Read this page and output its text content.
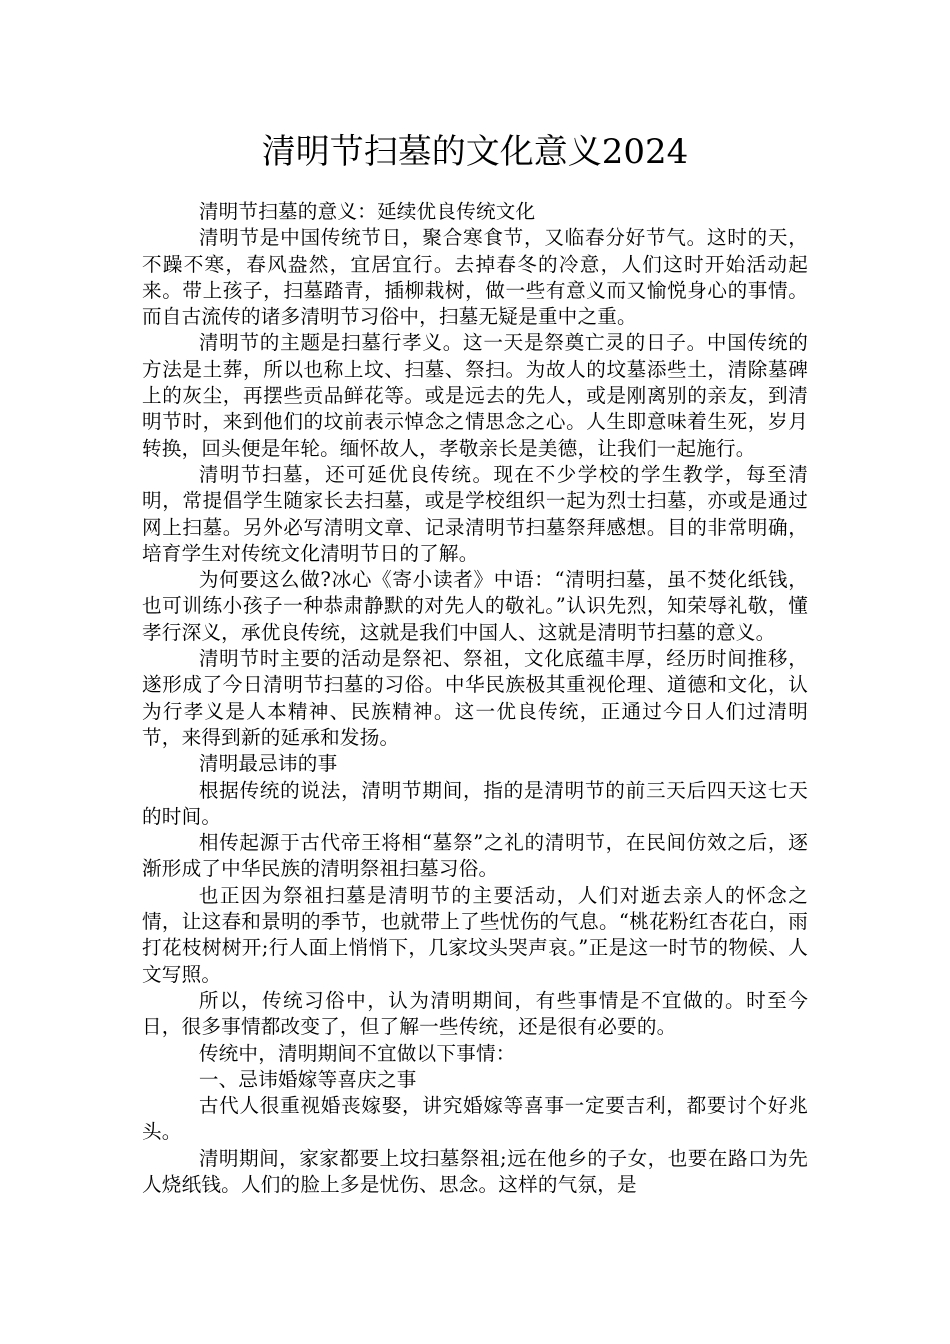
清明节扫墓的文化意义2024

清明节扫墓的意义：延续优良传统文化

清明节是中国传统节日，聚合寒食节，又临春分好节气。这时的天，不躁不寒，春风盎然，宜居宜行。去掉春冬的冷意，人们这时开始活动起来。带上孩子，扫墓踏青，插柳栽树，做一些有意义而又愉悦身心的事情。而自古流传的诸多清明节习俗中，扫墓无疑是重中之重。

清明节的主题是扫墓行孝义。这一天是祭奠亡灵的日子。中国传统的方法是土葬，所以也称上坟、扫墓、祭扫。为故人的坟墓添些土，清除墓碑上的灰尘，再摆些贡品鲜花等。或是远去的先人，或是刚离别的亲友，到清明节时，来到他们的坟前表示悼念之情思念之心。人生即意味着生死，岁月转换，回头便是年轮。缅怀故人，孝敬亲长是美德，让我们一起施行。

清明节扫墓，还可延优良传统。现在不少学校的学生教学，每至清明，常提倡学生随家长去扫墓，或是学校组织一起为烈士扫墓，亦或是通过网上扫墓。另外必写清明文章、记录清明节扫墓祭拜感想。目的非常明确，培育学生对传统文化清明节日的了解。

为何要这么做?冰心《寄小读者》中语：“清明扫墓，虽不焚化纸钱，也可训练小孩子一种恭肃静默的对先人的敬礼。”认识先烈，知荣辱礼敬，懂孝行深义，承优良传统，这就是我们中国人、这就是清明节扫墓的意义。

清明节时主要的活动是祭祀、祭祖，文化底蕴丰厚，经历时间推移，遂形成了今日清明节扫墓的习俗。中华民族极其重视伦理、道德和文化，认为行孝义是人本精神、民族精神。这一优良传统，正通过今日人们过清明节，来得到新的延承和发扬。

清明最忌讳的事

根据传统的说法，清明节期间，指的是清明节的前三天后四天这七天的时间。

相传起源于古代帝王将相“墓祭”之礼的清明节，在民间仿效之后，逐渐形成了中华民族的清明祭祖扫墓习俗。

也正因为祭祖扫墓是清明节的主要活动，人们对逝去亲人的怀念之情，让这春和景明的季节，也就带上了些忧伤的气息。“桃花粉红杏花白，雨打花枝树树开;行人面上悄悄下，几家坟头哭声哀。”正是这一时节的物候、人文写照。

所以，传统习俗中，认为清明期间，有些事情是不宜做的。时至今日，很多事情都改变了，但了解一些传统，还是很有必要的。

传统中，清明期间不宜做以下事情：

一、忌讳婚嫁等喜庆之事

古代人很重视婚丧嫁娶，讲究婚嫁等喜事一定要吉利，都要讨个好兆头。

清明期间，家家都要上坟扫墓祭祖;远在他乡的子女，也要在路口为先人烧纸钱。人们的脸上多是忧伤、思念。这样的气氛，是
